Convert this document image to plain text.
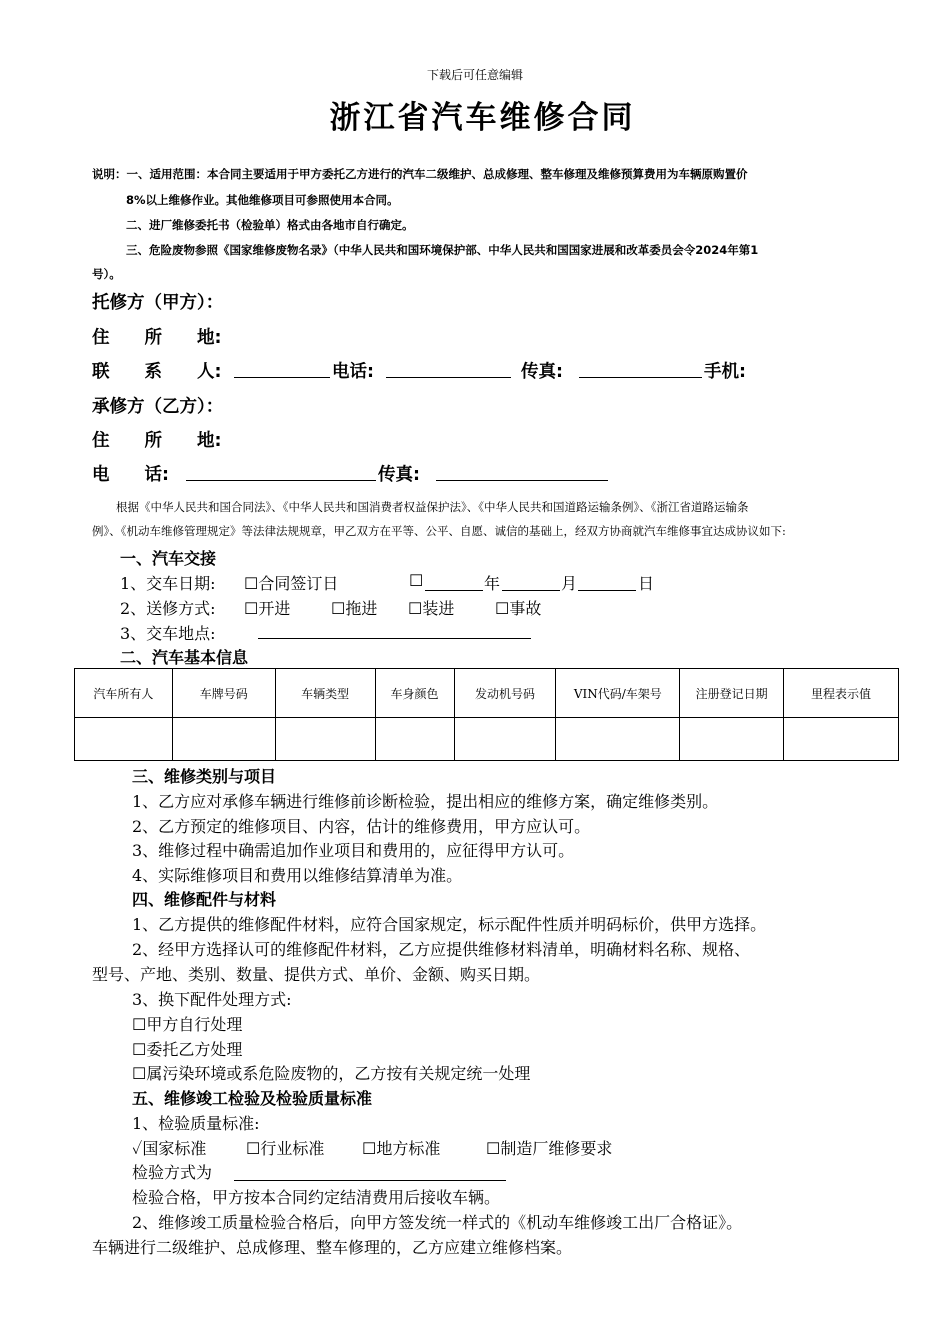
下载后可任意编辑
浙江省汽车维修合同
说明：一、适用范围：本合同主要适用于甲方委托乙方进行的汽车二级维护、总成修理、整车修理及维修预算费用为车辆原购置价
8%以上维修作业。其他维修项目可参照使用本合同。
二、进厂维修委托书（检验单）格式由各地市自行确定。
三、危险废物参照《国家维修废物名录》（中华人民共和国环境保护部、中华人民共和国国家进展和改革委员会令2024年第1
号）。
托修方（甲方）：
住　　所　　地:
联　　系　　人:	电话:	传真:	手机:
承修方（乙方）：
住　　所　　地:
电　　话:	传真:
根据《中华人民共和国合同法》、《中华人民共和国消费者权益保护法》、《中华人民共和国道路运输条例》、《浙江省道路运输条
例》、《机动车维修管理规定》等法律法规规章，甲乙双方在平等、公平、自愿、诚信的基础上，经双方协商就汽车维修事宜达成协议如下:
一、汽车交接
1、交车日期: ☐合同签订日	☐	年	月	日
2、送修方式: ☐开进	☐拖进 ☐装进	☐事故
3、交车地点:
二、汽车基本信息
汽车所有人	车牌号码	车辆类型	车身颜色	发动机号码	VIN代码/车架号	注册登记日期	里程表示值

三、维修类别与项目
1、乙方应对承修车辆进行维修前诊断检验，提出相应的维修方案，确定维修类别。
2、乙方预定的维修项目、内容，估计的维修费用，甲方应认可。
3、维修过程中确需追加作业项目和费用的，应征得甲方认可。
4、实际维修项目和费用以维修结算清单为准。
四、维修配件与材料
1、乙方提供的维修配件材料，应符合国家规定，标示配件性质并明码标价，供甲方选择。
2、经甲方选择认可的维修配件材料，乙方应提供维修材料清单，明确材料名称、规格、
型号、产地、类别、数量、提供方式、单价、金额、购买日期。
3、换下配件处理方式:
☐甲方自行处理
☐委托乙方处理
☐属污染环境或系危险废物的，乙方按有关规定统一处理
五、维修竣工检验及检验质量标准
1、检验质量标准:
✓国家标准 ☐行业标准 ☐地方标准	☐制造厂维修要求
检验方式为
检验合格，甲方按本合同约定结清费用后接收车辆。
2、维修竣工质量检验合格后，向甲方签发统一样式的《机动车维修竣工出厂合格证》。
车辆进行二级维护、总成修理、整车修理的，乙方应建立维修档案。
